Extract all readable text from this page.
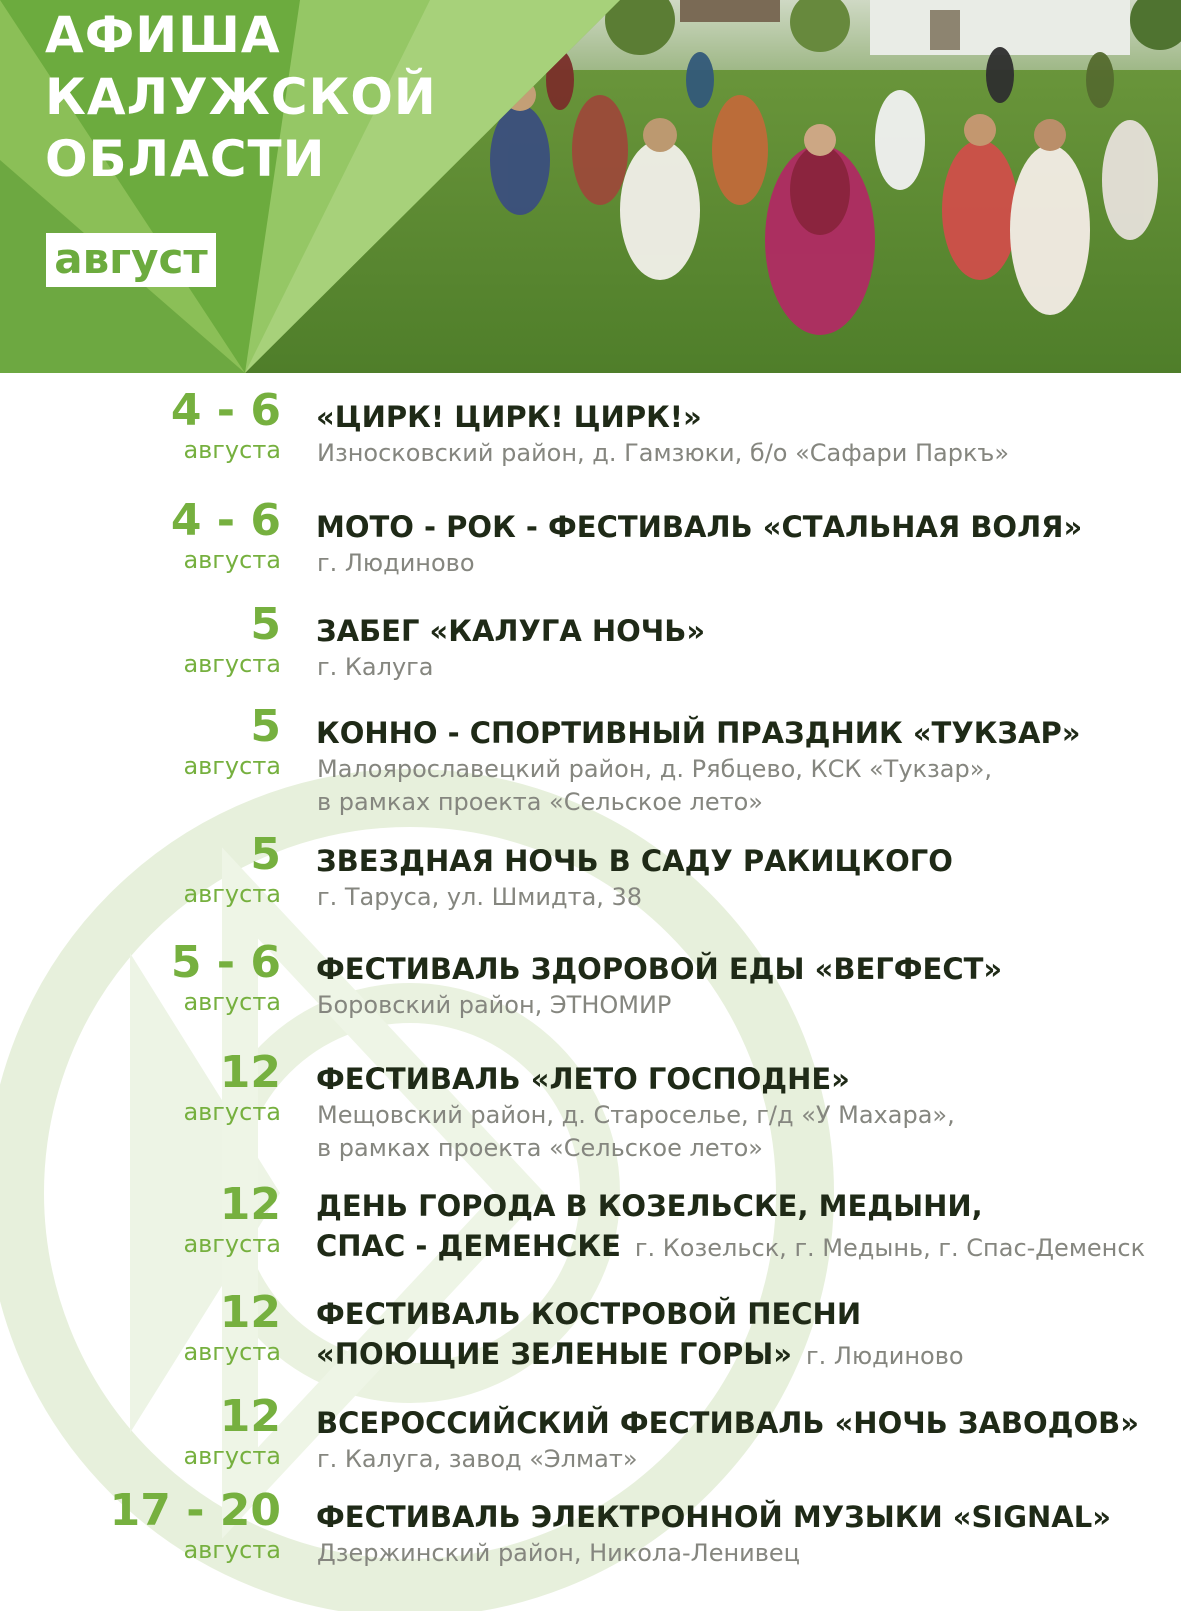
АФИША
КАЛУЖСКОЙ
ОБЛАСТИ
август
4 - 6
августа
«ЦИРК! ЦИРК! ЦИРК!»
Износковский район, д. Гамзюки, б/о «Сафари Паркъ»
4 - 6
августа
МОТО - РОК - ФЕСТИВАЛЬ «СТАЛЬНАЯ ВОЛЯ»
г. Людиново
5
августа
ЗАБЕГ «КАЛУГА НОЧЬ»
г. Калуга
5
августа
КОННО - СПОРТИВНЫЙ ПРАЗДНИК «ТУКЗАР»
Малоярославецкий район, д. Рябцево, КСК «Тукзар»,
в рамках проекта «Сельское лето»
5
августа
ЗВЕЗДНАЯ НОЧЬ В САДУ РАКИЦКОГО
г. Таруса, ул. Шмидта, 38
5 - 6
августа
ФЕСТИВАЛЬ ЗДОРОВОЙ ЕДЫ «ВЕГФЕСТ»
Боровский район, ЭТНОМИР
12
августа
ФЕСТИВАЛЬ «ЛЕТО ГОСПОДНЕ»
Мещовский район, д. Староселье, г/д «У Махара»,
в рамках проекта «Сельское лето»
12
августа
ДЕНЬ ГОРОДА В КОЗЕЛЬСКЕ, МЕДЫНИ,
СПАС - ДЕМЕНСКЕ г. Козельск, г. Медынь, г. Спас-Деменск
12
августа
ФЕСТИВАЛЬ КОСТРОВОЙ ПЕСНИ
«ПОЮЩИЕ ЗЕЛЕНЫЕ ГОРЫ» г. Людиново
12
августа
ВСЕРОССИЙСКИЙ ФЕСТИВАЛЬ «НОЧЬ ЗАВОДОВ»
г. Калуга, завод «Элмат»
17 - 20
августа
ФЕСТИВАЛЬ ЭЛЕКТРОННОЙ МУЗЫКИ «SIGNAL»
Дзержинский район, Никола-Ленивец
